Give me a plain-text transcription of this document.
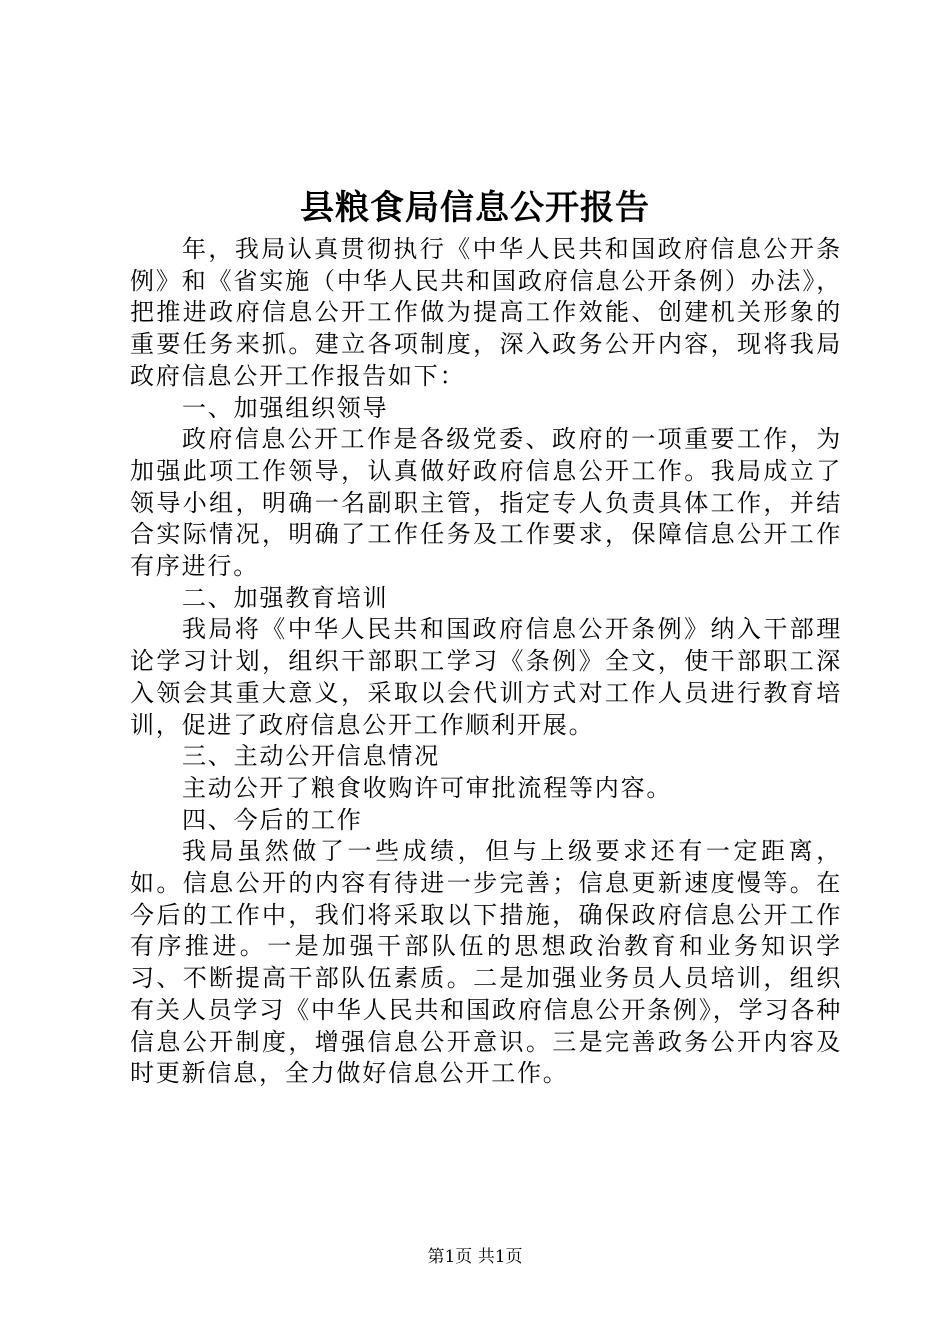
县粮食局信息公开报告

年，我局认真贯彻执行《中华人民共和国政府信息公开条例》和《省实施（中华人民共和国政府信息公开条例）办法》，把推进政府信息公开工作做为提高工作效能、创建机关形象的重要任务来抓。建立各项制度，深入政务公开内容，现将我局政府信息公开工作报告如下：

一、加强组织领导

政府信息公开工作是各级党委、政府的一项重要工作，为加强此项工作领导，认真做好政府信息公开工作。我局成立了领导小组，明确一名副职主管，指定专人负责具体工作，并结合实际情况，明确了工作任务及工作要求，保障信息公开工作有序进行。

二、加强教育培训

我局将《中华人民共和国政府信息公开条例》纳入干部理论学习计划，组织干部职工学习《条例》全文，使干部职工深入领会其重大意义，采取以会代训方式对工作人员进行教育培训，促进了政府信息公开工作顺利开展。

三、主动公开信息情况

主动公开了粮食收购许可审批流程等内容。

四、今后的工作

我局虽然做了一些成绩，但与上级要求还有一定距离，如。信息公开的内容有待进一步完善；信息更新速度慢等。在今后的工作中，我们将采取以下措施，确保政府信息公开工作有序推进。一是加强干部队伍的思想政治教育和业务知识学习、不断提高干部队伍素质。二是加强业务员人员培训，组织有关人员学习《中华人民共和国政府信息公开条例》，学习各种信息公开制度，增强信息公开意识。三是完善政务公开内容及时更新信息，全力做好信息公开工作。

第1页 共1页
